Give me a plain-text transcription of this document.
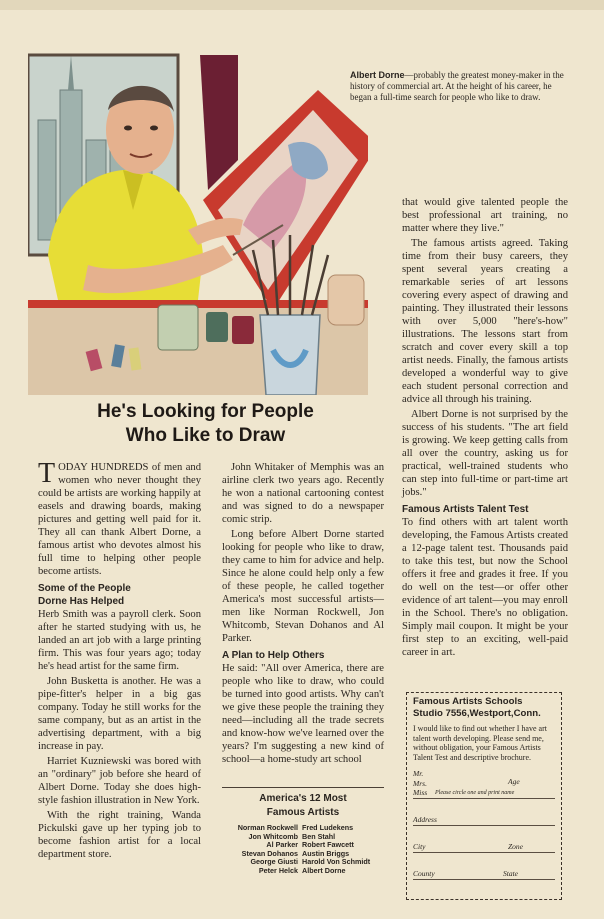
Albert Dorne—probably the greatest money-maker in the history of commercial art. At the height of his career, he began a full-time search for people who like to draw.
He's Looking for People
Who Like to Draw

TODAY HUNDREDS of men and women who never thought they could be artists are working happily at easels and drawing boards, making pictures and getting well paid for it. They all can thank Albert Dorne, a famous artist who devotes almost his full time to helping other people become artists.

Some of the People
Dorne Has Helped

Herb Smith was a payroll clerk. Soon after he started studying with us, he landed an art job with a large printing firm. This was four years ago; today he's head artist for the same firm.

John Busketta is another. He was a pipe-fitter's helper in a big gas company. Today he still works for the same company, but as an artist in the advertising department, with a big increase in pay.

Harriet Kuzniewski was bored with an "ordinary" job before she heard of Albert Dorne. Today she does high-style fashion illustration in New York.

With the right training, Wanda Pickulski gave up her typing job to become fashion artist for a local department store.

John Whitaker of Memphis was an airline clerk two years ago. Recently he won a national cartooning contest and was signed to do a newspaper comic strip.

Long before Albert Dorne started looking for people who like to draw, they came to him for advice and help. Since he alone could help only a few of these people, he called together America's most successful artists—men like Norman Rockwell, Jon Whitcomb, Stevan Dohanos and Al Parker.

A Plan to Help Others

He said: "All over America, there are people who like to draw, who could be turned into good artists. Why can't we give these people the training they need—including all the trade secrets and know-how we've learned over the years? I'm suggesting a new kind of school—a home-study art school

America's 12 Most
Famous Artists
Norman Rockwell
Jon Whitcomb
Al Parker
Stevan Dohanos
George Giusti
Peter Helck
Fred Ludekens
Ben Stahl
Robert Fawcett
Austin Briggs
Harold Von Schmidt
Albert Dorne

that would give talented people the best professional art training, no matter where they live."

The famous artists agreed. Taking time from their busy careers, they spent several years creating a remarkable series of art lessons covering every aspect of drawing and painting. They illustrated their lessons with over 5,000 "here's-how" illustrations. The lessons start from scratch and cover every skill a top artist needs. Finally, the famous artists developed a wonderful way to give each student personal correction and advice all through his training.

Albert Dorne is not surprised by the success of his students. "The art field is growing. We keep getting calls from all over the country, asking us for practical, well-trained students who can step into full-time or part-time art jobs."

Famous Artists Talent Test

To find others with art talent worth developing, the Famous Artists created a 12-page talent test. Thousands paid to take this test, but now the School offers it free and grades it free. If you do well on the test—or offer other evidence of art talent—you may enroll in the School. There's no obligation. Simply mail coupon. It might be your first step to an exciting, well-paid career in art.

Famous Artists Schools
Studio 7556,Westport,Conn.
I would like to find out whether I have art talent worth developing. Please send me, without obligation, your Famous Artists Talent Test and descriptive brochure.
Mr.
Mrs.
Miss
Age
Please circle one and print name
Address
City	Zone
County	State
